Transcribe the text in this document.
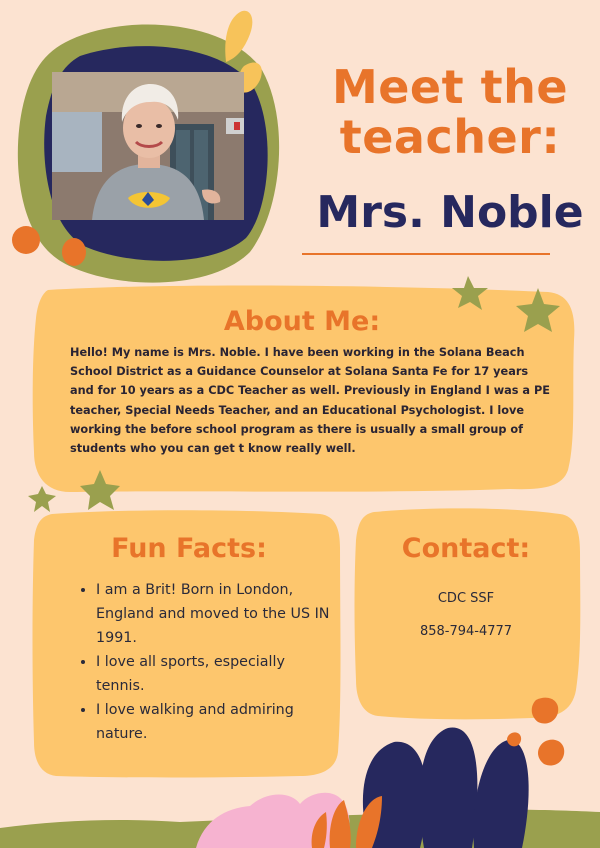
Meet the
teacher:
Mrs. Noble
About Me:
Hello! My name is Mrs. Noble. I have been working in the Solana Beach School District as a Guidance Counselor at Solana Santa Fe for 17 years and for 10 years as a CDC Teacher as well. Previously in England I was a PE teacher, Special Needs Teacher, and an Educational Psychologist. I love working the before school program as there is usually a small group of students who you can get t know really well.
Fun Facts:
• I am a Brit! Born in London, England and moved to the US IN 1991.
• I love all sports, especially tennis.
• I love walking and admiring nature.
Contact:
CDC SSF
858-794-4777
